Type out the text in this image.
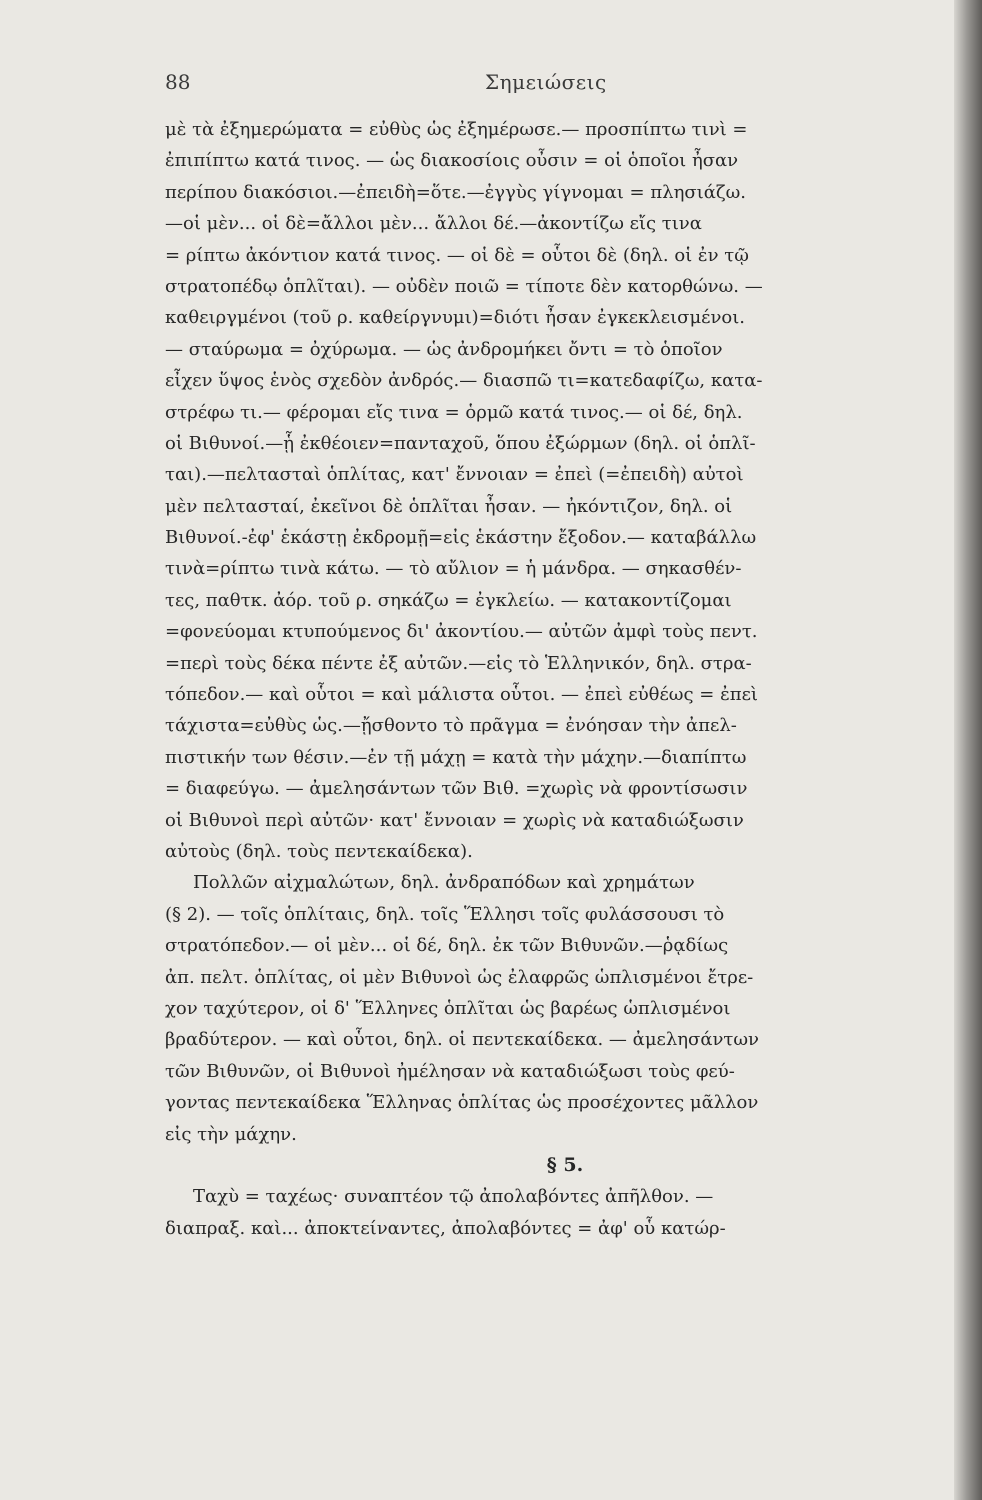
88	Σημειώσεις
μὲ τὰ ἐξημερώματα = εὐθὺς ὡς ἐξημέρωσε.— προσπίπτω τινὶ =
ἐπιπίπτω κατά τινος. — ὡς διακοσίοις οὖσιν = οἱ ὁποῖοι ἦσαν
περίπου διακόσιοι.—ἐπειδὴ=ὅτε.—ἐγγὺς γίγνομαι = πλησιάζω.
—οἱ μὲν... οἱ δὲ=ἄλλοι μὲν... ἄλλοι δέ.—ἀκοντίζω εἴς τινα
= ρίπτω ἀκόντιον κατά τινος. — οἱ δὲ = οὗτοι δὲ (δηλ. οἱ ἐν τῷ
στρατοπέδῳ ὁπλῖται). — οὐδὲν ποιῶ = τίποτε δὲν κατορθώνω. —
καθειργμένοι (τοῦ ρ. καθείργνυμι)=διότι ἦσαν ἐγκεκλεισμένοι.
— σταύρωμα = ὀχύρωμα. — ὡς ἀνδρομήκει ὄντι = τὸ ὁποῖον
εἶχεν ὕψος ἑνὸς σχεδὸν ἀνδρός.— διασπῶ τι=κατεδαφίζω, κατα-
στρέφω τι.— φέρομαι εἴς τινα = ὁρμῶ κατά τινος.— οἱ δέ, δηλ.
οἱ Βιθυνοί.—ᾗ ἐκθέοιεν=πανταχοῦ, ὅπου ἐξώρμων (δηλ. οἱ ὁπλῖ-
ται).—πελτασταὶ ὁπλίτας, κατ' ἔννοιαν = ἐπεὶ (=ἐπειδὴ) αὐτοὶ
μὲν πελτασταί, ἐκεῖνοι δὲ ὁπλῖται ἦσαν. — ἠκόντιζον, δηλ. οἱ
Βιθυνοί.-ἐφ' ἑκάστῃ ἐκδρομῇ=εἰς ἑκάστην ἔξοδον.— καταβάλλω
τινὰ=ρίπτω τινὰ κάτω. — τὸ αὔλιον = ἡ μάνδρα. — σηκασθέν-
τες, παθτκ. ἀόρ. τοῦ ρ. σηκάζω = ἐγκλείω. — κατακοντίζομαι
=φονεύομαι κτυπούμενος δι' ἀκοντίου.— αὐτῶν ἀμφὶ τοὺς πεντ.
=περὶ τοὺς δέκα πέντε ἐξ αὐτῶν.—εἰς τὸ Ἑλληνικόν, δηλ. στρα-
τόπεδον.— καὶ οὗτοι = καὶ μάλιστα οὗτοι. — ἐπεὶ εὐθέως = ἐπεὶ
τάχιστα=εὐθὺς ὡς.—ᾔσθοντο τὸ πρᾶγμα = ἐνόησαν τὴν ἀπελ-
πιστικήν των θέσιν.—ἐν τῇ μάχῃ = κατὰ τὴν μάχην.—διαπίπτω
= διαφεύγω. — ἀμελησάντων τῶν Βιθ. =χωρὶς νὰ φροντίσωσιν
οἱ Βιθυνοὶ περὶ αὐτῶν· κατ' ἔννοιαν = χωρὶς νὰ καταδιώξωσιν
αὐτοὺς (δηλ. τοὺς πεντεκαίδεκα).
Πολλῶν αἰχμαλώτων, δηλ. ἀνδραπόδων καὶ χρημάτων
(§ 2). — τοῖς ὁπλίταις, δηλ. τοῖς Ἕλλησι τοῖς φυλάσσουσι τὸ
στρατόπεδον.— οἱ μὲν... οἱ δέ, δηλ. ἐκ τῶν Βιθυνῶν.—ῥᾳδίως
ἀπ. πελτ. ὁπλίτας, οἱ μὲν Βιθυνοὶ ὡς ἐλαφρῶς ὡπλισμένοι ἔτρε-
χον ταχύτερον, οἱ δ' Ἕλληνες ὁπλῖται ὡς βαρέως ὡπλισμένοι
βραδύτερον. — καὶ οὗτοι, δηλ. οἱ πεντεκαίδεκα. — ἀμελησάντων
τῶν Βιθυνῶν, οἱ Βιθυνοὶ ἠμέλησαν νὰ καταδιώξωσι τοὺς φεύ-
γοντας πεντεκαίδεκα Ἕλληνας ὁπλίτας ὡς προσέχοντες μᾶλλον
εἰς τὴν μάχην.
§ 5.
Ταχὺ = ταχέως· συναπτέον τῷ ἀπολαβόντες ἀπῆλθον. —
διαπραξ. καὶ... ἀποκτείναντες, ἀπολαβόντες = ἀφ' οὗ κατώρ-
